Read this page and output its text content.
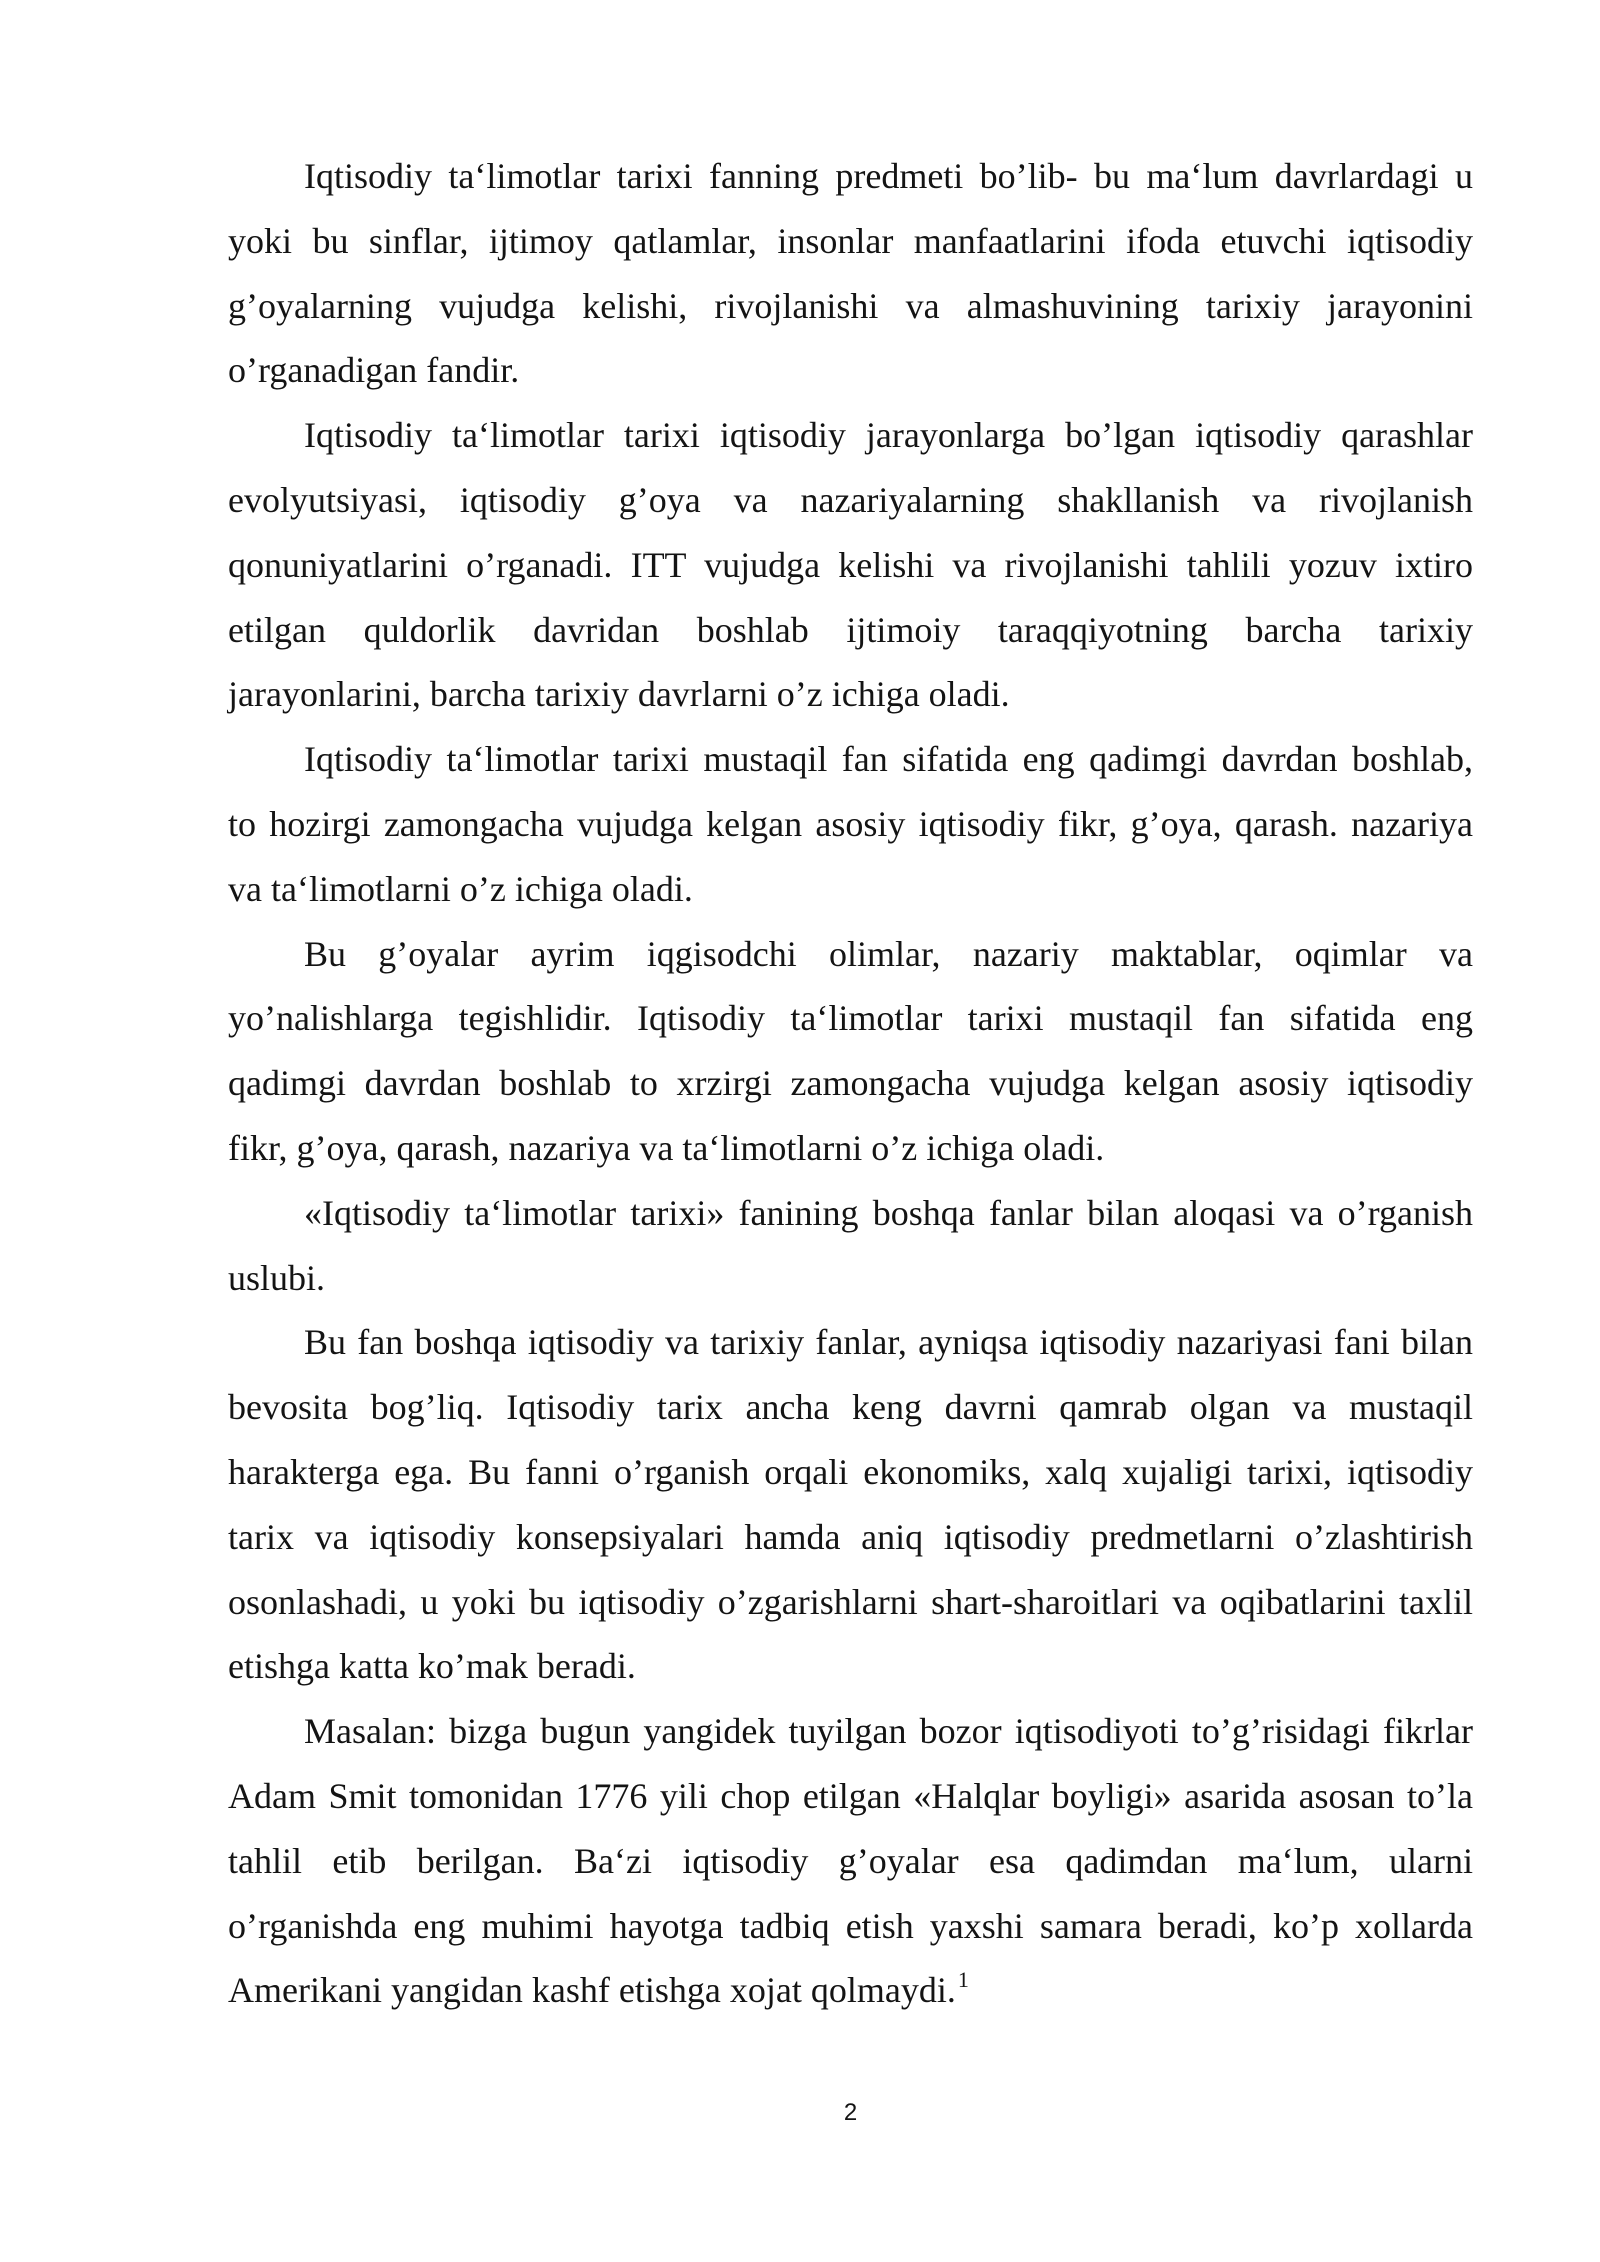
Iqtisodiy ta‘limotlar tarixi fanning predmeti bo’lib- bu ma‘lum davrlardagi u
yoki bu sinflar, ijtimoy qatlamlar, insonlar manfaatlarini ifoda etuvchi iqtisodiy
g’oyalarning vujudga kelishi, rivojlanishi va almashuvining tarixiy jarayonini
o’rganadigan fandir.
Iqtisodiy ta‘limotlar tarixi iqtisodiy jarayonlarga bo’lgan iqtisodiy qarashlar
evolyutsiyasi, iqtisodiy g’oya va nazariyalarning shakllanish va rivojlanish
qonuniyatlarini o’rganadi. ITT vujudga kelishi va rivojlanishi tahlili yozuv ixtiro
etilgan quldorlik davridan boshlab ijtimoiy taraqqiyotning barcha tarixiy
jarayonlarini, barcha tarixiy davrlarni o’z ichiga oladi.
Iqtisodiy ta‘limotlar tarixi mustaqil fan sifatida eng qadimgi davrdan boshlab,
to hozirgi zamongacha vujudga kelgan asosiy iqtisodiy fikr, g’oya, qarash. nazariya
va ta‘limotlarni o’z ichiga oladi.
Bu g’oyalar ayrim iqgisodchi olimlar, nazariy maktablar, oqimlar va
yo’nalishlarga tegishlidir. Iqtisodiy ta‘limotlar tarixi mustaqil fan sifatida eng
qadimgi davrdan boshlab to xrzirgi zamongacha vujudga kelgan asosiy iqtisodiy
fikr, g’oya, qarash, nazariya va ta‘limotlarni o’z ichiga oladi.
«Iqtisodiy ta‘limotlar tarixi» fanining boshqa fanlar bilan aloqasi va o’rganish
uslubi.
Bu fan boshqa iqtisodiy va tarixiy fanlar, ayniqsa iqtisodiy nazariyasi fani bilan
bevosita bog’liq. Iqtisodiy tarix ancha keng davrni qamrab olgan va mustaqil
harakterga ega. Bu fanni o’rganish orqali ekonomiks, xalq xujaligi tarixi, iqtisodiy
tarix va iqtisodiy konsepsiyalari hamda aniq iqtisodiy predmetlarni o’zlashtirish
osonlashadi, u yoki bu iqtisodiy o’zgarishlarni shart-sharoitlari va oqibatlarini taxlil
etishga katta ko’mak beradi.
Masalan: bizga bugun yangidek tuyilgan bozor iqtisodiyoti to’g’risidagi fikrlar
Adam Smit tomonidan 1776 yili chop etilgan «Halqlar boyligi» asarida asosan to’la
tahlil etib berilgan. Ba‘zi iqtisodiy g’oyalar esa qadimdan ma‘lum, ularni
o’rganishda eng muhimi hayotga tadbiq etish yaxshi samara beradi, ko’p xollarda
Amerikani yangidan kashf etishga xojat qolmaydi.$^1$
2
